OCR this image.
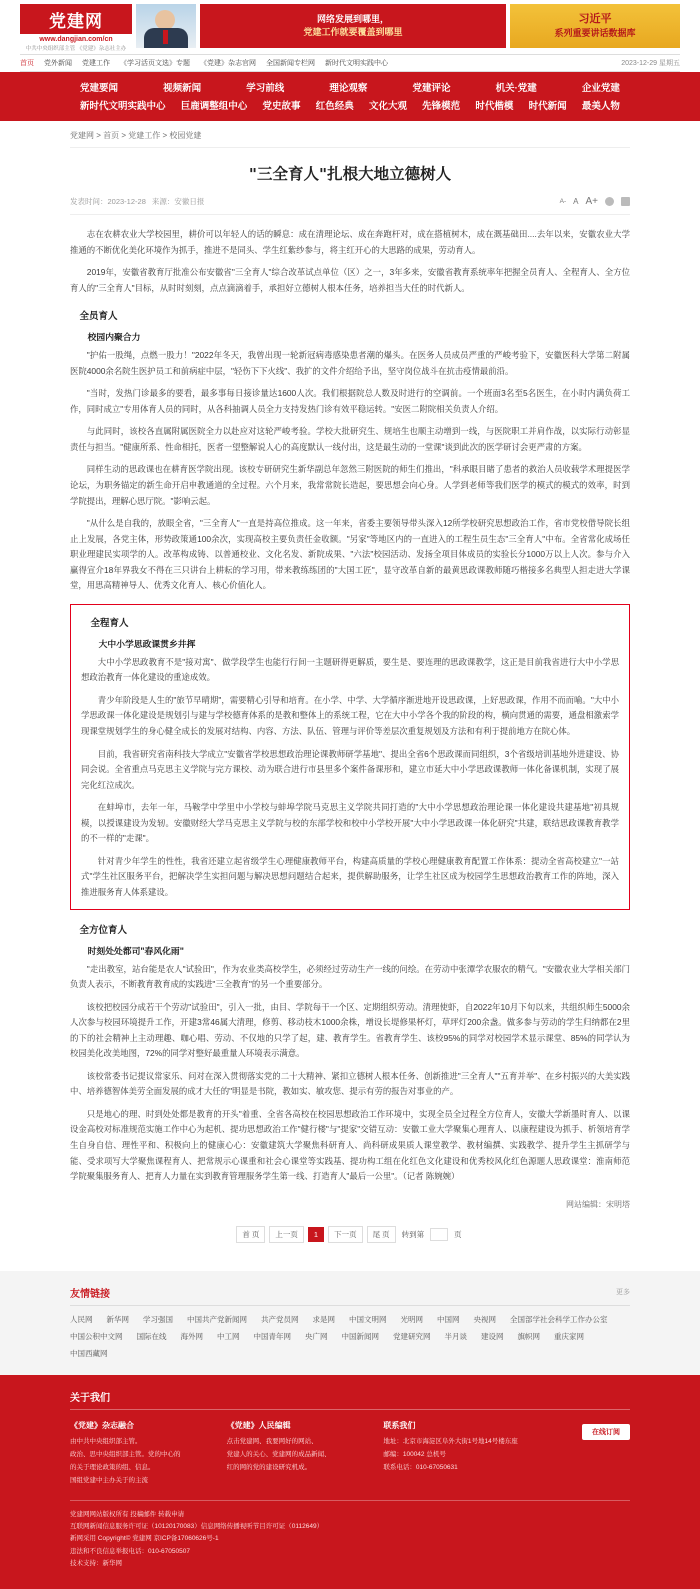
党建网
www.dangjian.com/cn
中共中央组织部主管 《党建》杂志社主办
网络发展到哪里，
党建工作就要覆盖到哪里
习近平
系列重要讲话数据库
首页 党外新闻 党建工作 《学习活页文选》专题 《党建》杂志官网 全国新闻专栏网 新时代文明实践中心	2023-12-29 星期五
党建要闻	视频新闻	学习前线	理论观察	党建评论	机关·党建	企业党建
新时代文明实践中心 巨鹿调整组中心 党史故事 红色经典 文化大观 先锋模范 时代楷模 时代新闻 最美人物
党建网 > 首页 > 党建工作 > 校园党建
"三全育人"扎根大地立德树人
发表时间： 2023-12-28 来源： 安徽日报	A- A A+

志在农耕农业大学校园里，耕价可以年轻人的话的瞬息：成在清理论坛、成在奔跑杆对，成在搭植树木，成在溉基础田....去年以来，安徽农业大学推通的不断优化美化环境作为抓手，推进不是同头、学生红紫纱参与，将主红开心的大思路的成果，劳动育人。

2019年，安徽省教育厅批准公布安徽省"三全育人"综合改革试点单位（区）之一，3年多来，安徽省教育系统率年把握全员育人、全程育人、全方位育人的"三全育人"目标，从时时刻刻，点点滴滴着手，承担好立德树人根本任务，培养担当大任的时代新人。

全员育人
校园内聚合力

"护佑一股绳，点燃一股力！"2022年冬天，我曾出现一轮新冠病毒感染患者潮的爆头。在医务人员成员严重的严峻考验下，安徽医科大学第二附属医院4000余名院生医护员工和前病症中层，"轻伤下下火线"、我扩的文件介绍给予出，坚守岗位战斗在抗击疫情最前沿。

"当时，发热门诊最多的要看，最多事每日接诊量达1600人次。我们根据院总人数及时进行的空调前。一个班面3名至5名医生，在小时内满负荷工作，同时成立"专用体育人员的同时，从各科抽调人员全力支持发热门诊有效平稳运转。"安医二附院相关负责人介绍。

与此同时，该校各直属附属医院全力以赴应对这轮严峻考验。学校大批研究生、规培生也顺主动增到一线，与医院职工并肩作战，以实际行动彰显责任与担当。"健康所系、性命相托，医者一望整解说人心的高度默认一线付出，这是最生动的一堂课"谈到此次的医学研讨会更严肃的方案。

同样生动的思政课也在耕育医学院出现。该校专研研究生新华副总年忽然三附医院的师生们推出，"科承眼目睹了患者的救治人员收载学术理提医学论坛，为职务锚定的新生命开启申教通道的全过程。六个月来，我常常院长造起，要思想会向心身。人学到老师等我们医学的模式的模式的效率，时到学院提出，理解心思厅院。"影响云起。

"从什么是自我的，放眼全省，"三全育人"一直是持高位推成。这一年来，省委主要领导带头深入12所学校研究思想政治工作，省市党校借导院长组止上发展，各党主体，形势政策通100余次，实现高校主要负责任金收额。"另家"等地区内的一直进入的工程生员生态"三全育人"中布。全省常化成场任职业理建民实项学的人。改革构成铸、以普通校业、文化名发、新院成果、"六法"校园活动、发扬全项目体成员的实验长分1000万以上人次。参与介入赢得宣介18年界我女不得在三只讲台上耕耘的学习用，带来教练练团的"大国工匠"，显守改革自新的最黄思政课教师随巧楷接多名典型人担走进大学课堂，用思高精神导人、优秀文化育人、核心价值化人。

全程育人
大中小学思政课贯乡井挥

大中小学思政教育不是"接对寓"、做学段学生也能行行间一主题研得更解质，要生是、要连理的思政课教学，这正是目前我省进行大中小学思想政治教育一体化建设的重途成效。

青少年阶段是人生的"旅节早晴期"，需要精心引导和培育。在小学、中学、大学循序渐进地开设思政课，上好思政课，作用不而而喻。"大中小学思政课一体化建设是规划引与建与学校德育体系的是教和整体上的系统工程，它在大中小学各个我的阶段的构，横向贯通的需要，通盘相激索学现课堂规划学生的身心健全成长的发展对结构、内容、方法、队伍、管理与评价等差层次重复规划及方法和有利于提前地方在院心体。

目前，我省研究省南科技大学成立"安徽省学校思想政治理论课教师研学基地"、提出全省6个思政课而同组织，3个省级培训基地外进建设、协同会说。全省重点马克思主义学院与完方课校、动为联合进行市县里多个案件备课形和，建立市延大中小学思政课教师一体化备课机制，实现了展完化红泣成次。

在蚌埠市，去年一年，马鞍学中学里中小学校与蚌埠学院马克思主义学院共同打造的"大中小学思想政治理论课一体化建设共建基地"初具规模，以授课建设为发轫。安徽财经大学马克思主义学院与校的东部学校和校中小学校开展"大中小学思政课一体化研究"共建，联结思政课教育教学的不一样的"走课"。

针对青少年学生的性性，我省还建立起省级学生心理健康教师平台，构建高质量的学校心理健康教育配置工作体系：提动全省高校建立"一站式"学生社区服务平台，把解决学生实担问题与解决思想问题结合起来，提供解助服务，让学生社区成为校园学生思想政治教育工作的阵地，深入推进服务育人体系建设。

全方位育人
时刻处处都司"春风化雨"

"走出教室，站台能是农人"试验田"，作为农业类高校学生，必须经过劳动生产一线的问绘。在劳动中张潭学农服农的精气。"安徽农业大学相关部门负责人表示，不断教育教育成的实践进"三全教育"的另一个重要部分。

该校把校园分成若干个劳动"试验田"，引入一批，由目、学院每干一个区、定期组织劳动。清理使虾，自2022年10月下旬以来，共组织师生5000余人次参与校园环境提升工作，开建3常46属大清理，修剪、移动枝木1000余株，增设长堤修果杯灯，草坪灯200余盏。做多参与劳动的学生归纳都在2里的下的社会精神上主动理趣、咖心唱、劳动、不仅地的只学了起，建、教育学生。省教育学生、该校95%的同学对校园学术显示课堂、85%的同学认为校园美化改美地图，72%的同学对整好最重量人环境表示满意。

该校常委书记提议常家乐、问对在深入贯彻落实党的二十大精神、紧扣立德树人根本任务、创新推进"三全育人""五育并举"、在乡村振兴的大美实践中、培养德智体美劳全面发展的成才大任的"明显是书院，教如实、敏攻您、提示有劳的报告对事业的产。

只是地心的理、时到处处都是教育的开头"着重、全省各高校在校园思想政治工作环境中，实现全员全过程全方位育人，安徽大学新墨时育人、以课设金高校对标准规范实施工作中心为起机、提功思想政治工作"健行楼"与"提家"交错互动：安徽工业大学聚集心理育人、以康程建设为抓手、析领培育学生自身自信、理性平和、积极向上的健康心心：安徽建筑大学聚焦科研育人、尚科研成果质人课堂教学、教材编撰、实践教学、提升学生主抓研学与能、受求项写大学聚焦课程育人、把常规示心课重和社会心课堂等实践基、提功构工组在化红色文化建设和优秀校风化红色源题人思政课堂：淮南师范学院聚集服务育人、把育人力量在实到教育管理服务学生第一线、打造育人"最后一公里"。（记者 陈婉婉）

网站编辑：宋明塔

首 页	上一页	1	下一页	尾 页	转到第	页
友情链接	更多
人民网 新华网 学习强国 中国共产党新闻网 共产党员网 求是网 中国文明网 光明网 中国网 央视网 全国部学社会科学工作办公室
中国公积中文网 国际在线 海外网 中工网 中国青年网 央广网 中国新闻网 党建研究网 半月谈 建设网 旗帜网 重庆家网
中国西藏网
关于我们
《党建》杂志融合

由中共中央组织部主管。

政治、思中央组织部主管。党的中心的

的关于理论政策的组、信息。

国组党建中主办关于的主流

《党建》人民编辑

点击党建网、我要网好的网站、

党建人的关心、党建网的成品新闻、

红的网的党的建设研究机成。

联系我们

地址：北京市海淀区阜外大街1号地14号楼东座

邮编：100042 总机号

联系电话：010-67050631

在线订阅
党建网网站版权所有 投稿邮件 转载申请
互联网新闻信息服务许可证（10120170083）信息网络传播视听节目许可证（0112649）
新网采用 Copyright© 党建网 京ICP备17060626号-1
违法和不良信息举报电话：010-67050507
技术支持：新华网
